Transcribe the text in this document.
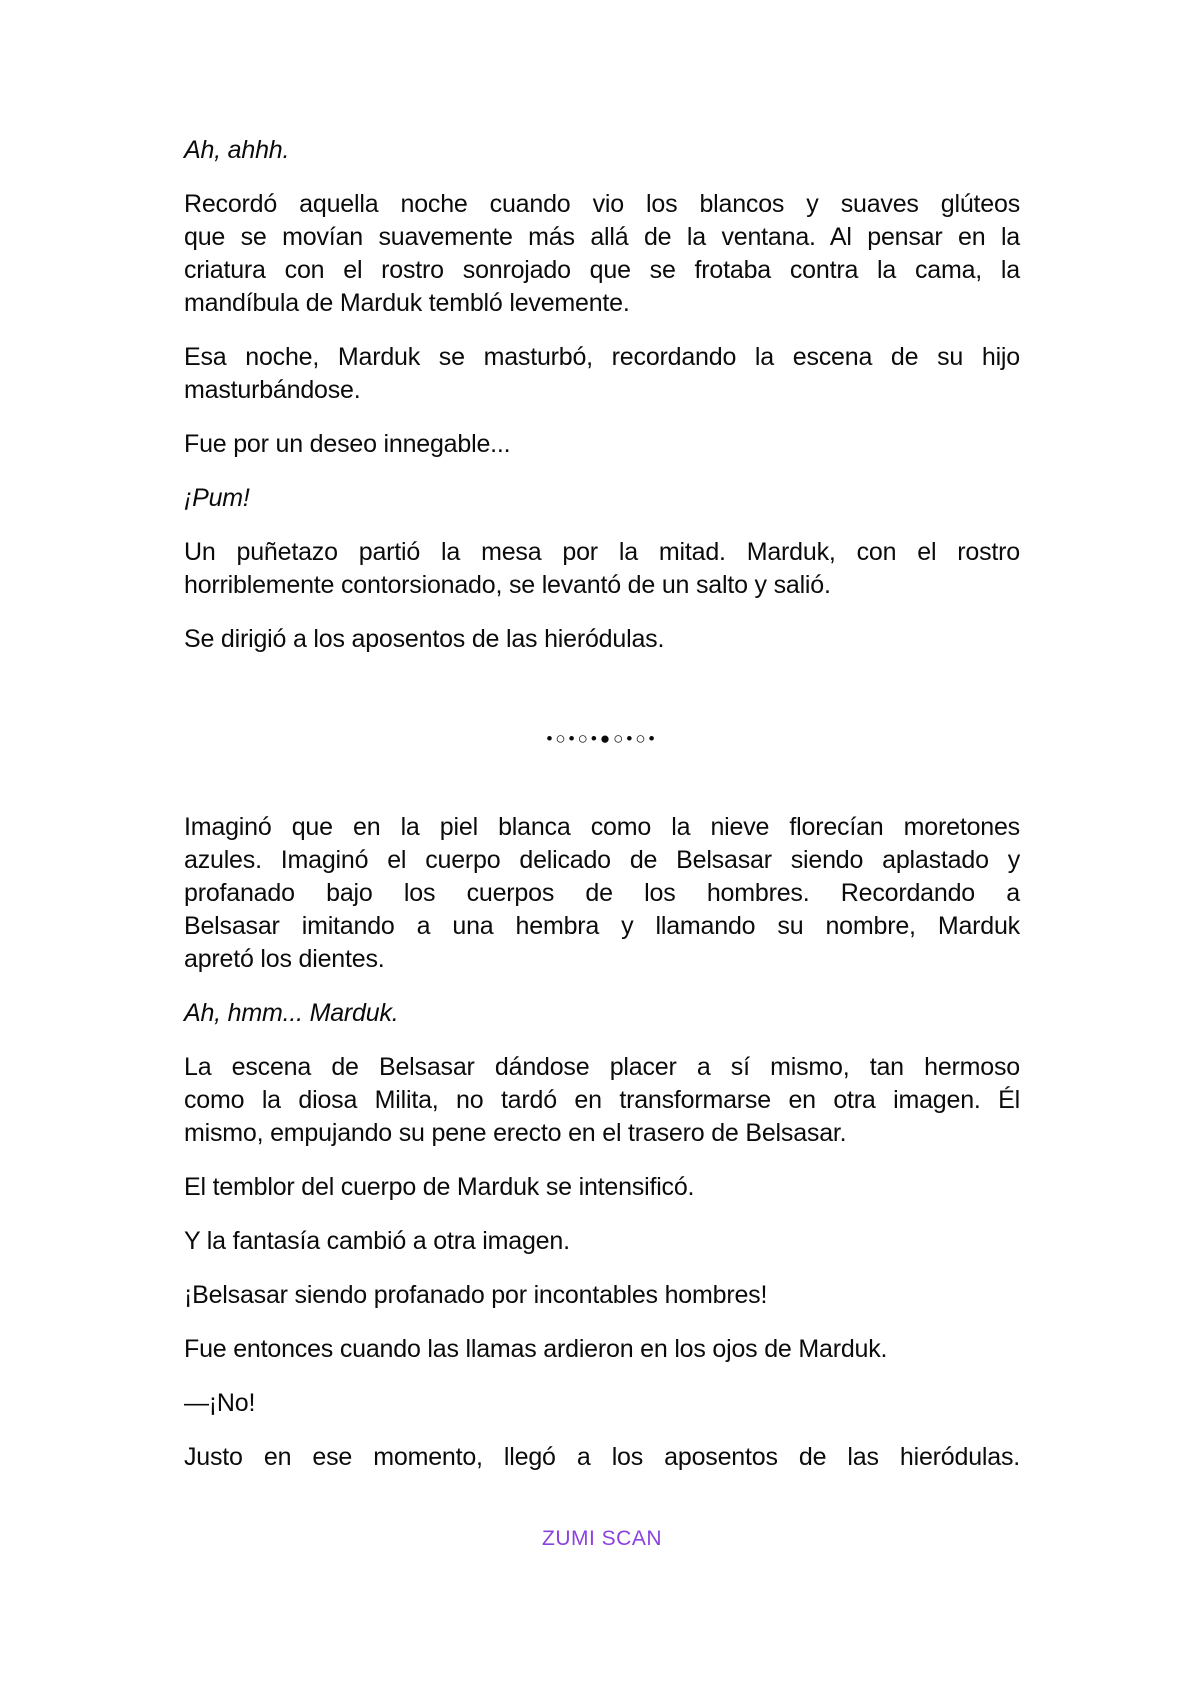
Ah, ahhh.
Recordó aquella noche cuando vio los blancos y suaves glúteos
que se movían suavemente más allá de la ventana. Al pensar en la
criatura con el rostro sonrojado que se frotaba contra la cama, la
mandíbula de Marduk tembló levemente.
Esa noche, Marduk se masturbó, recordando la escena de su hijo
masturbándose.
Fue por un deseo innegable...
¡Pum!
Un puñetazo partió la mesa por la mitad. Marduk, con el rostro
horriblemente contorsionado, se levantó de un salto y salió.
Se dirigió a los aposentos de las hieródulas.
•○•○•●○•○•
Imaginó que en la piel blanca como la nieve florecían moretones
azules. Imaginó el cuerpo delicado de Belsasar siendo aplastado y
profanado bajo los cuerpos de los hombres. Recordando a
Belsasar imitando a una hembra y llamando su nombre, Marduk
apretó los dientes.
Ah, hmm... Marduk.
La escena de Belsasar dándose placer a sí mismo, tan hermoso
como la diosa Milita, no tardó en transformarse en otra imagen. Él
mismo, empujando su pene erecto en el trasero de Belsasar.
El temblor del cuerpo de Marduk se intensificó.
Y la fantasía cambió a otra imagen.
¡Belsasar siendo profanado por incontables hombres!
Fue entonces cuando las llamas ardieron en los ojos de Marduk.
—¡No!
Justo en ese momento, llegó a los aposentos de las hieródulas.
ZUMI SCAN
